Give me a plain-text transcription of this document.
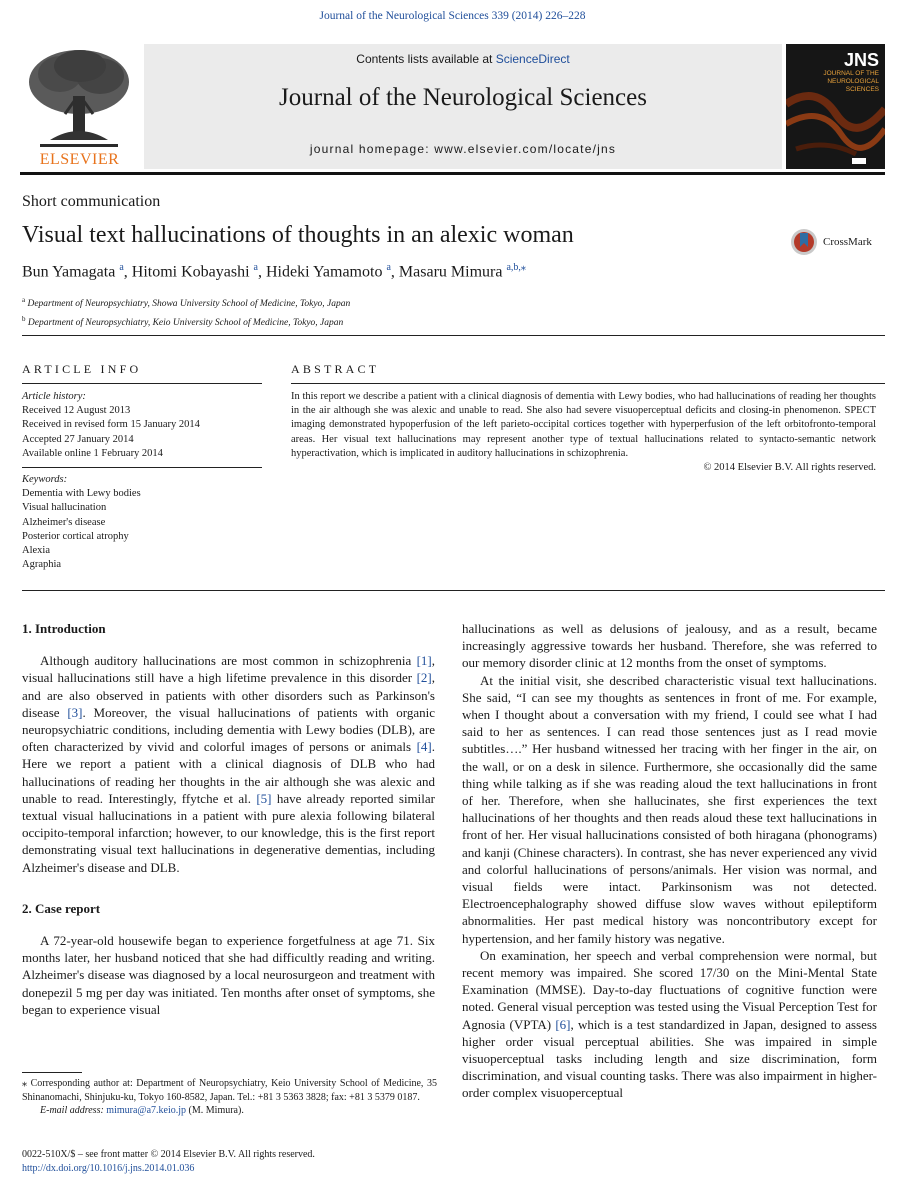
Journal of the Neurological Sciences 339 (2014) 226–228
ELSEVIER
Contents lists available at ScienceDirect
Journal of the Neurological Sciences
journal homepage: www.elsevier.com/locate/jns
JNS
JOURNAL OF THE NEUROLOGICAL SCIENCES
Short communication
Visual text hallucinations of thoughts in an alexic woman	CrossMark
Bun Yamagata $^a$, Hitomi Kobayashi $^a$, Hideki Yamamoto $^a$, Masaru Mimura $^{a,b,⁎}$
$^a$ Department of Neuropsychiatry, Showa University School of Medicine, Tokyo, Japan
$^b$ Department of Neuropsychiatry, Keio University School of Medicine, Tokyo, Japan
ARTICLE INFO	ABSTRACT
Article history:
Received 12 August 2013
Received in revised form 15 January 2014
Accepted 27 January 2014
Available online 1 February 2014
Keywords:
Dementia with Lewy bodies
Visual hallucination
Alzheimer's disease
Posterior cortical atrophy
Alexia
Agraphia
In this report we describe a patient with a clinical diagnosis of dementia with Lewy bodies, who had hallucinations of reading her thoughts in the air although she was alexic and unable to read. She also had severe visuoperceptual deficits and closing-in phenomenon. SPECT imaging demonstrated hypoperfusion of the left parieto-occipital cortices together with hyperperfusion of the left orbitofronto-temporal areas. Her visual text hallucinations may represent another type of textual hallucinations related to syntacto-semantic network hyperactivation, which is implicated in auditory hallucinations in schizophrenia.
© 2014 Elsevier B.V. All rights reserved.
1. Introduction

Although auditory hallucinations are most common in schizophrenia [1], visual hallucinations still have a high lifetime prevalence in this disorder [2], and are also observed in patients with other disorders such as Parkinson's disease [3]. Moreover, the visual hallucinations of patients with organic neuropsychiatric conditions, including dementia with Lewy bodies (DLB), are often characterized by vivid and colorful images of persons or animals [4]. Here we report a patient with a clinical diagnosis of DLB who had hallucinations of reading her thoughts in the air although she was alexic and unable to read. Interestingly, ffytche et al. [5] have already reported similar textual visual hallucinations in a patient with pure alexia following bilateral occipito-temporal infarction; however, to our knowledge, this is the first report demonstrating visual text hallucinations in degenerative dementias, including Alzheimer's disease and DLB.

2. Case report

A 72-year-old housewife began to experience forgetfulness at age 71. Six months later, her husband noticed that she had difficultly reading and writing. Alzheimer's disease was diagnosed by a local neurosurgeon and treatment with donepezil 5 mg per day was initiated. Ten months after onset of symptoms, she began to experience visual

hallucinations as well as delusions of jealousy, and as a result, became increasingly aggressive towards her husband. Therefore, she was referred to our memory disorder clinic at 12 months from the onset of symptoms.

At the initial visit, she described characteristic visual text hallucinations. She said, “I can see my thoughts as sentences in front of me. For example, when I thought about a conversation with my friend, I could see what I had said to her as sentences. I can read those sentences just as I read movie subtitles….” Her husband witnessed her tracing with her finger in the air, on the wall, or on a desk in silence. Furthermore, she occasionally did the same thing while talking as if she was reading aloud the text hallucinations in front of her. Therefore, when she hallucinates, she first experiences the text hallucinations of her thoughts and then reads aloud these text hallucinations in front of her. Her visual hallucinations consisted of both hiragana (phonograms) and kanji (Chinese characters). In contrast, she has never experienced any vivid and colorful hallucinations of persons/animals. Her vision was normal, and visual fields were intact. Parkinsonism was not detected. Electroencephalography showed diffuse slow waves without epileptiform abnormalities. Her past medical history was noncontributory except for hypertension, and her family history was negative.

On examination, her speech and verbal comprehension were normal, but recent memory was impaired. She scored 17/30 on the Mini-Mental State Examination (MMSE). Day-to-day fluctuations of cognitive function were noted. General visual perception was tested using the Visual Perception Test for Agnosia (VPTA) [6], which is a test standardized in Japan, designed to assess higher order visual perceptual abilities. She was impaired in simple visuoperceptual tasks including length and size discrimination, form discrimination, and visual counting tasks. There was also impairment in higher-order complex visuoperceptual

⁎ Corresponding author at: Department of Neuropsychiatry, Keio University School of Medicine, 35 Shinanomachi, Shinjuku-ku, Tokyo 160-8582, Japan. Tel.: +81 3 5363 3828; fax: +81 3 5379 0187.
E-mail address: mimura@a7.keio.jp (M. Mimura).
0022-510X/$ – see front matter © 2014 Elsevier B.V. All rights reserved.
http://dx.doi.org/10.1016/j.jns.2014.01.036
